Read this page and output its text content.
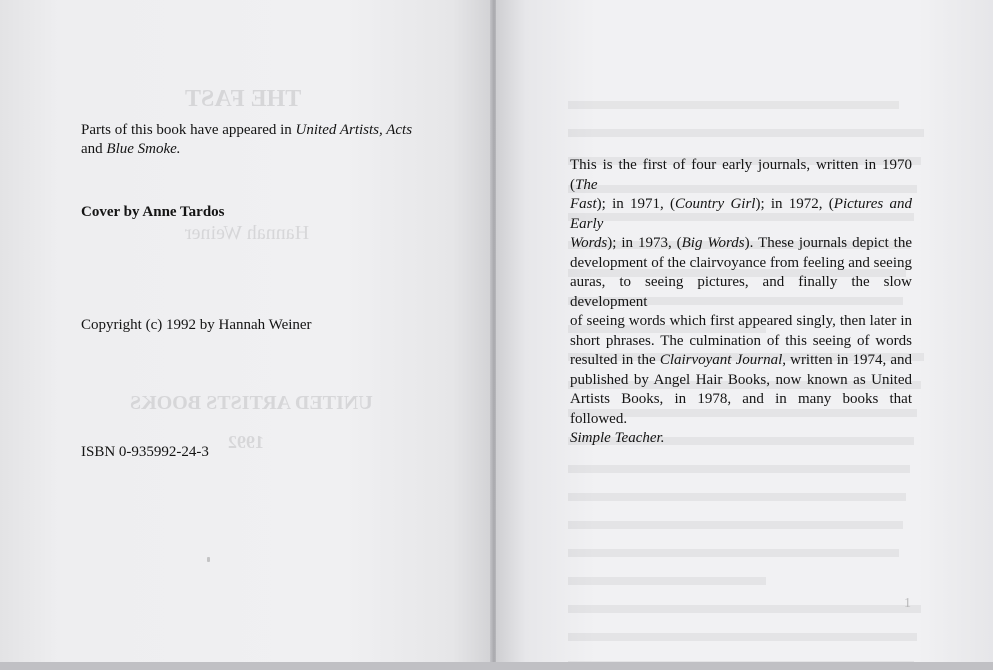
THE FAST
Hannah Weiner
UNITED ARTISTS BOOKS
1992
Parts of this book have appeared in United Artists, Acts
and Blue Smoke.
Cover by Anne Tardos
Copyright (c) 1992 by Hannah Weiner
ISBN 0-935992-24-3
This is the first of four early journals, written in 1970 (The
Fast); in 1971, (Country Girl); in 1972, (Pictures and Early
Words); in 1973, (Big Words). These journals depict the
development of the clairvoyance from feeling and seeing
auras, to seeing pictures, and finally the slow development
of seeing words which first appeared singly, then later in
short phrases. The culmination of this seeing of words
resulted in the Clairvoyant Journal, written in 1974, and
published by Angel Hair Books, now known as United
Artists Books, in 1978, and in many books that followed.
Simple Teacher.
1
